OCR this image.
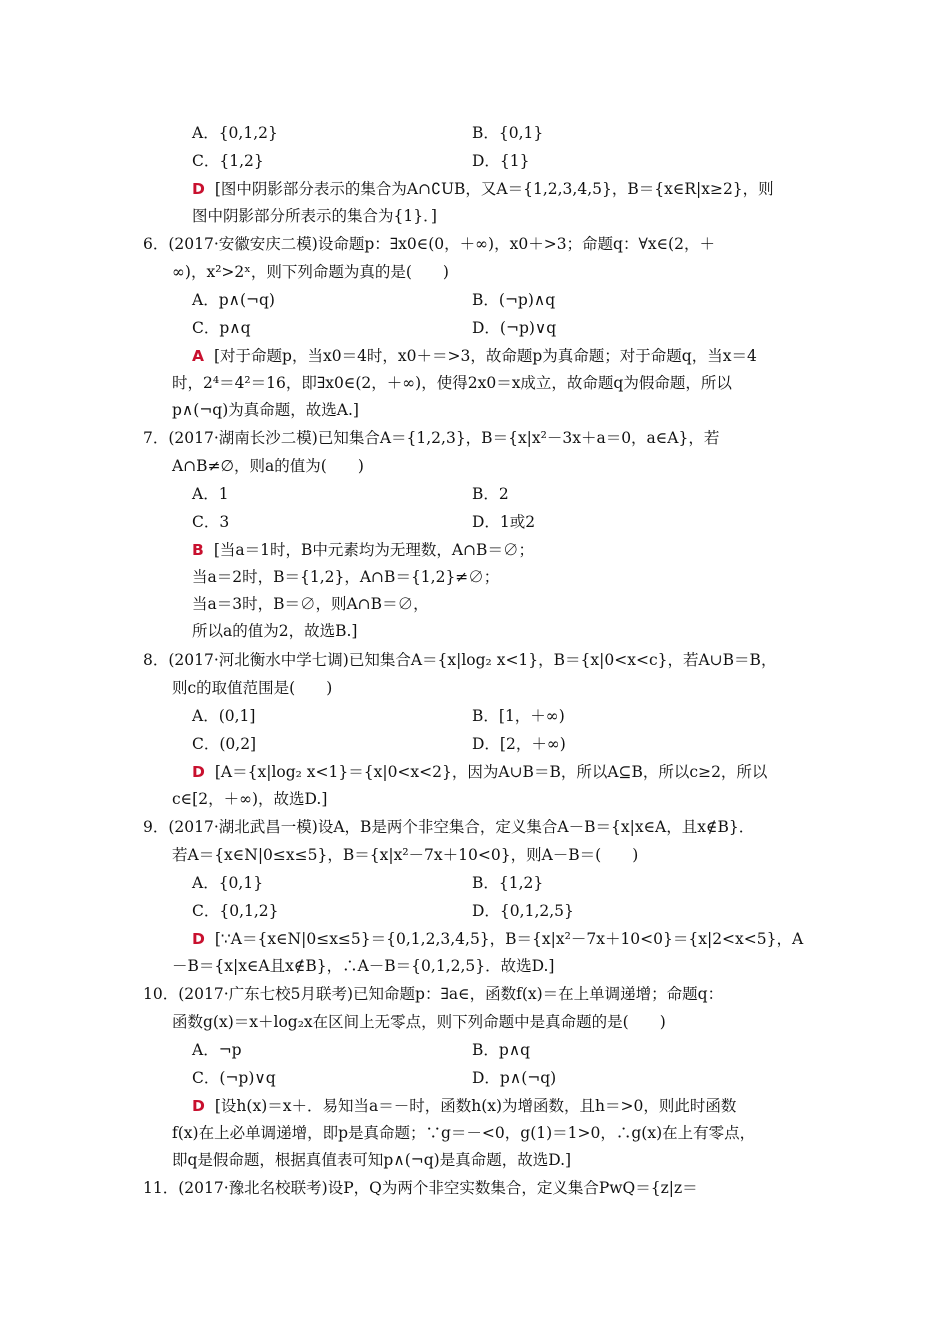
A．{0,1,2}	B．{0,1}
C．{1,2}	D．{1}
D [图中阴影部分表示的集合为A∩∁UB，又A＝{1,2,3,4,5}，B＝{x∈R|x≥2}，则
图中阴影部分所表示的集合为{1}．]
6．(2017·安徽安庆二模)设命题p：∃x0∈(0，＋∞)，x0＋>3；命题q：∀x∈(2，＋
∞)，x²>2ˣ，则下列命题为真的是(　　)
A．p∧(¬q)	B．(¬p)∧q
C．p∧q	D．(¬p)∨q
A [对于命题p，当x0＝4时，x0＋＝>3，故命题p为真命题；对于命题q，当x＝4
时，2⁴＝4²＝16，即∃x0∈(2，＋∞)，使得2x0＝x成立，故命题q为假命题，所以
p∧(¬q)为真命题，故选A.]
7．(2017·湖南长沙二模)已知集合A＝{1,2,3}，B＝{x|x²－3x＋a＝0，a∈A}，若
A∩B≠∅，则a的值为(　　)
A．1	B．2
C．3	D．1或2
B [当a＝1时，B中元素均为无理数，A∩B＝∅；
当a＝2时，B＝{1,2}，A∩B＝{1,2}≠∅；
当a＝3时，B＝∅，则A∩B＝∅，
所以a的值为2，故选B.]
8．(2017·河北衡水中学七调)已知集合A＝{x|log₂ x<1}，B＝{x|0<x<c}，若A∪B＝B，
则c的取值范围是(　　)
A．(0,1]	B．[1，＋∞)
C．(0,2]	D．[2，＋∞)
D [A＝{x|log₂ x<1}＝{x|0<x<2}，因为A∪B＝B，所以A⊆B，所以c≥2，所以
c∈[2，＋∞)，故选D.]
9．(2017·湖北武昌一模)设A，B是两个非空集合，定义集合A－B＝{x|x∈A，且x∉B}．
若A＝{x∈N|0≤x≤5}，B＝{x|x²－7x＋10<0}，则A－B＝(　　)
A．{0,1}	B．{1,2}
C．{0,1,2}	D．{0,1,2,5}
D [∵A＝{x∈N|0≤x≤5}＝{0,1,2,3,4,5}，B＝{x|x²－7x＋10<0}＝{x|2<x<5}，A
－B＝{x|x∈A且x∉B}，∴A－B＝{0,1,2,5}．故选D.]
10．(2017·广东七校5月联考)已知命题p：∃a∈，函数f(x)＝在上单调递增；命题q：
函数g(x)＝x＋log₂x在区间上无零点，则下列命题中是真命题的是(　　)
A．¬p	B．p∧q
C．(¬p)∨q	D．p∧(¬q)
D [设h(x)＝x＋．易知当a＝－时，函数h(x)为增函数，且h＝>0，则此时函数
f(x)在上必单调递增，即p是真命题；∵g＝－<0，g(1)＝1>0，∴g(x)在上有零点，
即q是假命题，根据真值表可知p∧(¬q)是真命题，故选D.]
11．(2017·豫北名校联考)设P，Q为两个非空实数集合，定义集合PwQ＝{z|z＝
